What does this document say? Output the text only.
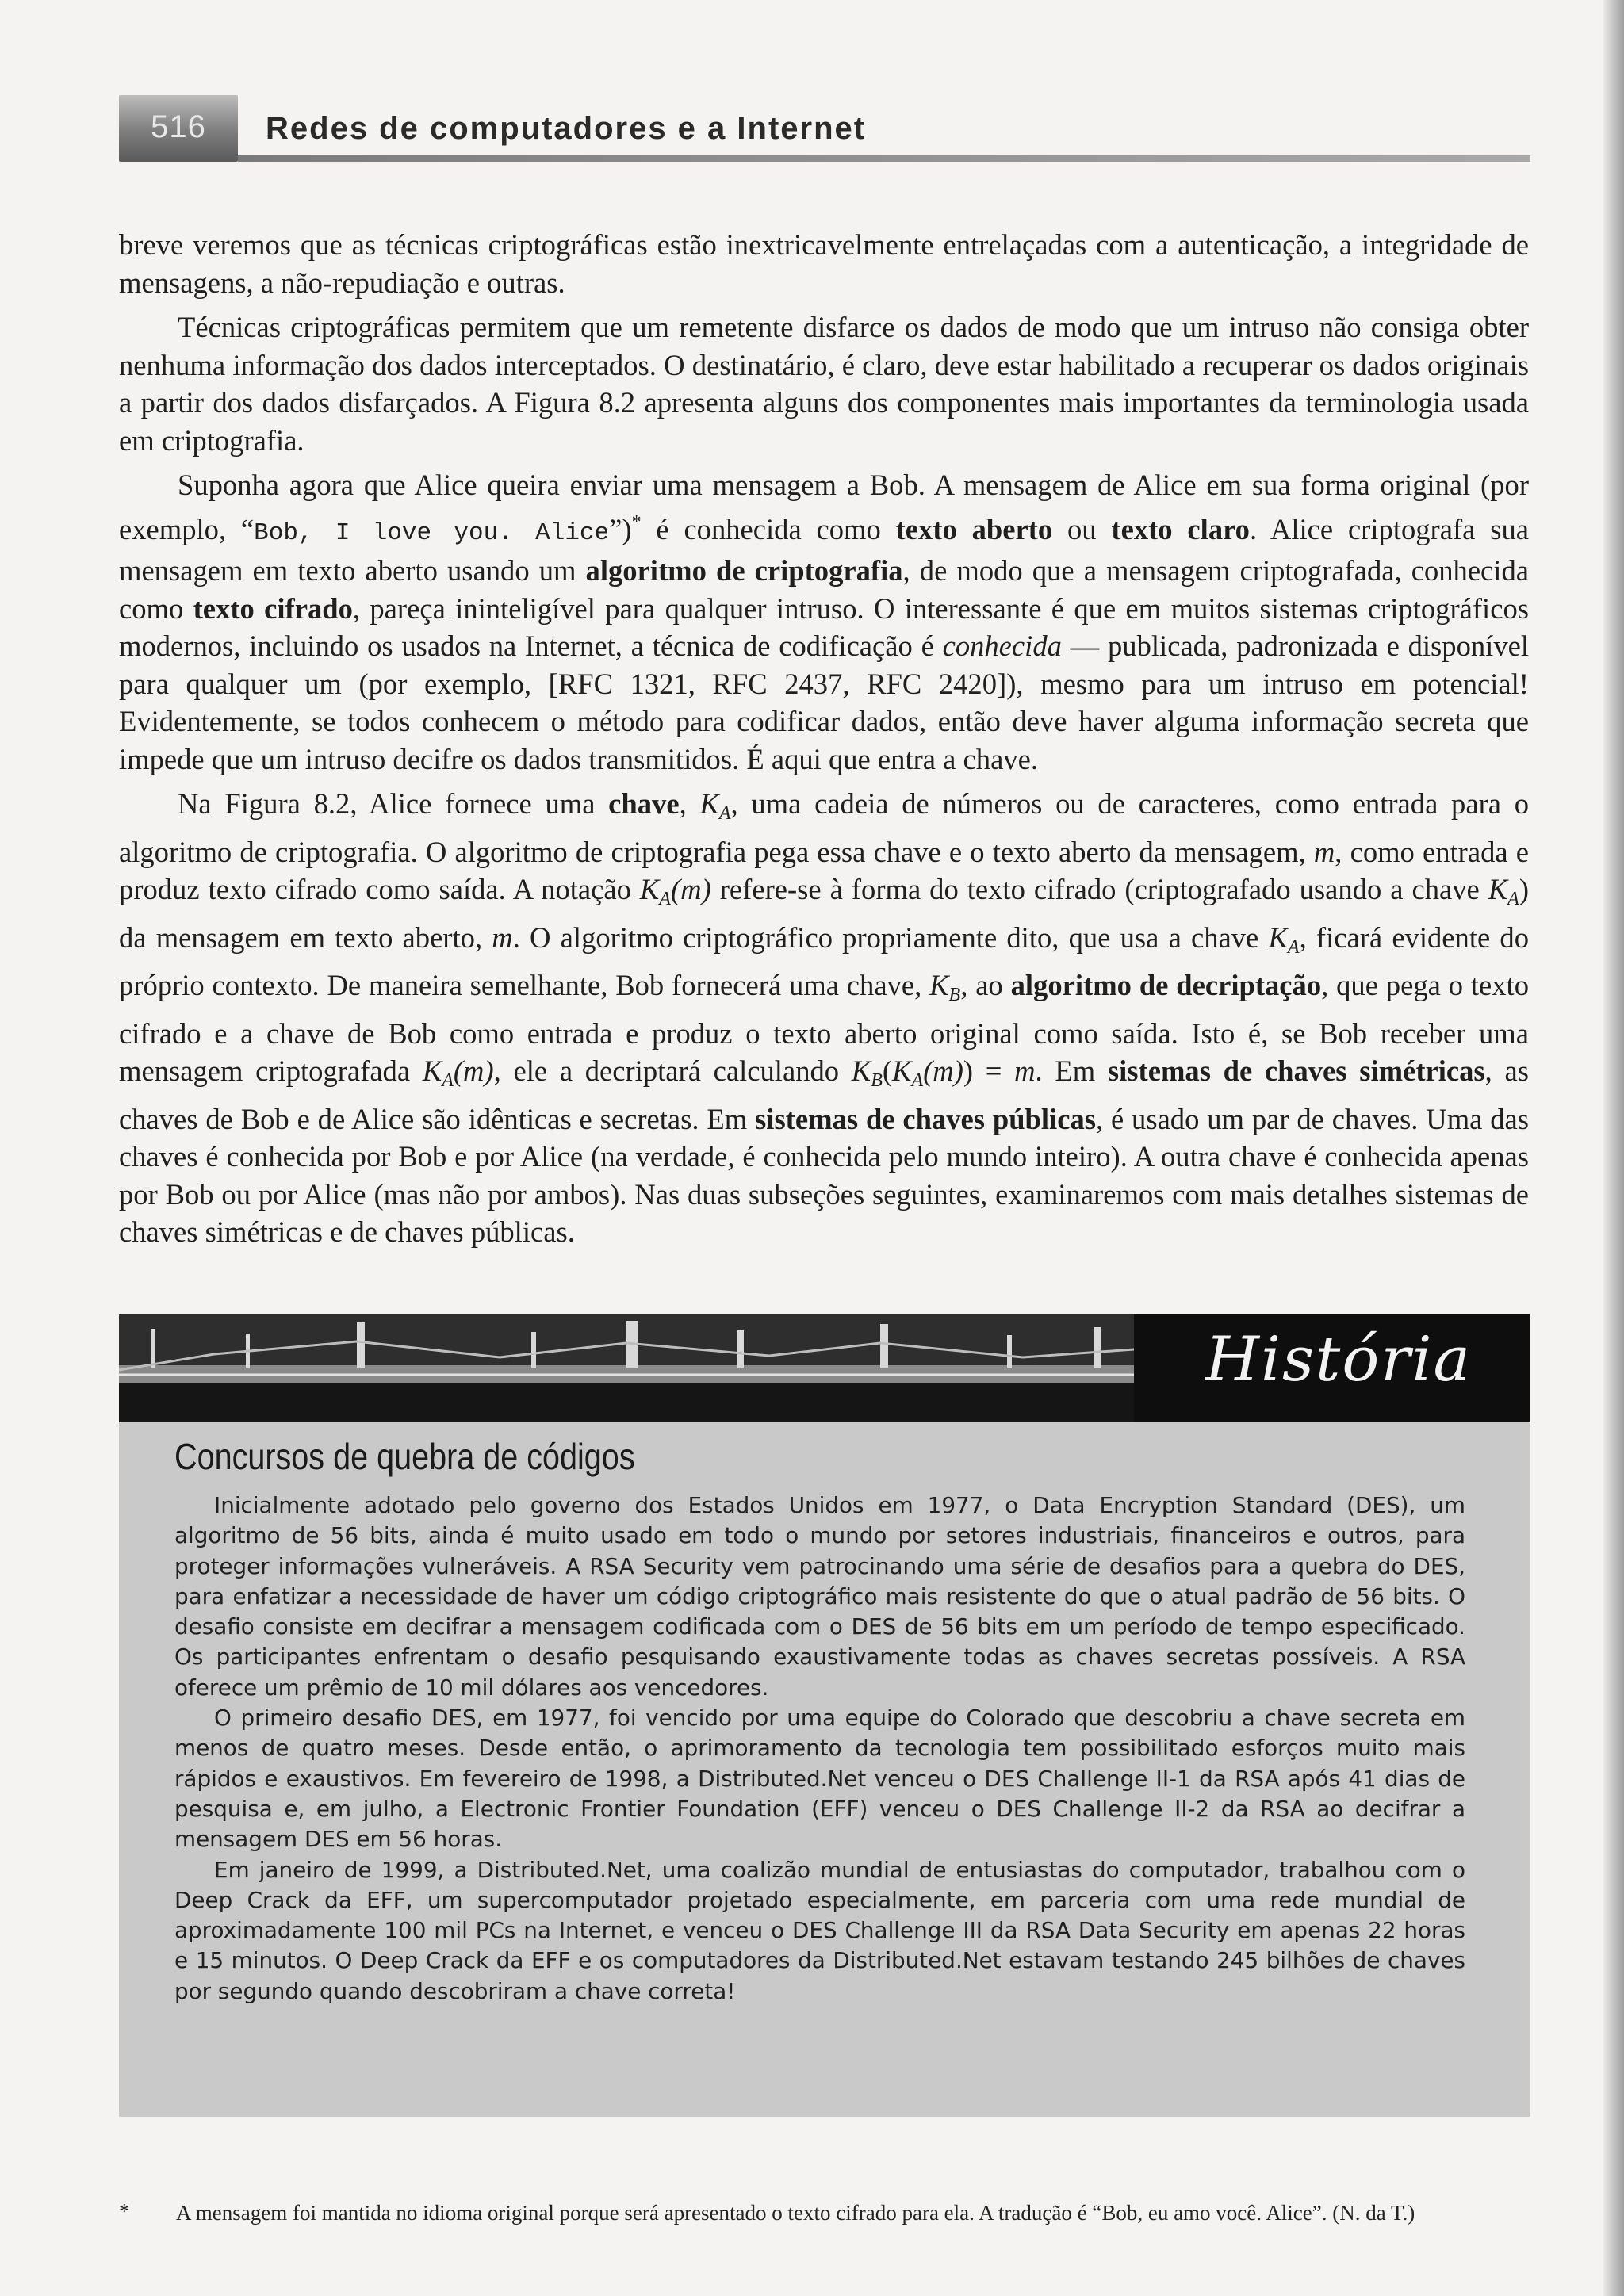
516	Redes de computadores e a Internet

breve veremos que as técnicas criptográficas estão inextricavelmente entrelaçadas com a autenticação, a integridade de mensagens, a não-repudiação e outras.

Técnicas criptográficas permitem que um remetente disfarce os dados de modo que um intruso não consiga obter nenhuma informação dos dados interceptados. O destinatário, é claro, deve estar habilitado a recuperar os dados originais a partir dos dados disfarçados. A Figura 8.2 apresenta alguns dos componentes mais importantes da terminologia usada em criptografia.

Suponha agora que Alice queira enviar uma mensagem a Bob. A mensagem de Alice em sua forma original (por exemplo, “Bob, I love you. Alice”)* é conhecida como texto aberto ou texto claro. Alice criptografa sua mensagem em texto aberto usando um algoritmo de criptografia, de modo que a mensagem criptografada, conhecida como texto cifrado, pareça ininteligível para qualquer intruso. O interessante é que em muitos sistemas criptográficos modernos, incluindo os usados na Internet, a técnica de codificação é conhecida — publicada, padronizada e disponível para qualquer um (por exemplo, [RFC 1321, RFC 2437, RFC 2420]), mesmo para um intruso em potencial! Evidentemente, se todos conhecem o método para codificar dados, então deve haver alguma informação secreta que impede que um intruso decifre os dados transmitidos. É aqui que entra a chave.

Na Figura 8.2, Alice fornece uma chave, $K_A$, uma cadeia de números ou de caracteres, como entrada para o algoritmo de criptografia. O algoritmo de criptografia pega essa chave e o texto aberto da mensagem, m, como entrada e produz texto cifrado como saída. A notação $K_A(m)$ refere-se à forma do texto cifrado (criptografado usando a chave $K_A$) da mensagem em texto aberto, m. O algoritmo criptográfico propriamente dito, que usa a chave $K_A$, ficará evidente do próprio contexto. De maneira semelhante, Bob fornecerá uma chave, $K_B$, ao algoritmo de decriptação, que pega o texto cifrado e a chave de Bob como entrada e produz o texto aberto original como saída. Isto é, se Bob receber uma mensagem criptografada $K_A(m)$, ele a decriptará calculando $K_B(K_A(m)) = m$. Em sistemas de chaves simétricas, as chaves de Bob e de Alice são idênticas e secretas. Em sistemas de chaves públicas, é usado um par de chaves. Uma das chaves é conhecida por Bob e por Alice (na verdade, é conhecida pelo mundo inteiro). A outra chave é conhecida apenas por Bob ou por Alice (mas não por ambos). Nas duas subseções seguintes, examinaremos com mais detalhes sistemas de chaves simétricas e de chaves públicas.

História
Concursos de quebra de códigos

Inicialmente adotado pelo governo dos Estados Unidos em 1977, o Data Encryption Standard (DES), um algoritmo de 56 bits, ainda é muito usado em todo o mundo por setores industriais, financeiros e outros, para proteger informações vulneráveis. A RSA Security vem patrocinando uma série de desafios para a quebra do DES, para enfatizar a necessidade de haver um código criptográfico mais resistente do que o atual padrão de 56 bits. O desafio consiste em decifrar a mensagem codificada com o DES de 56 bits em um período de tempo especificado. Os participantes enfrentam o desafio pesquisando exaustivamente todas as chaves secretas possíveis. A RSA oferece um prêmio de 10 mil dólares aos vencedores.

O primeiro desafio DES, em 1977, foi vencido por uma equipe do Colorado que descobriu a chave secreta em menos de quatro meses. Desde então, o aprimoramento da tecnologia tem possibilitado esforços muito mais rápidos e exaustivos. Em fevereiro de 1998, a Distributed.Net venceu o DES Challenge II-1 da RSA após 41 dias de pesquisa e, em julho, a Electronic Frontier Foundation (EFF) venceu o DES Challenge II-2 da RSA ao decifrar a mensagem DES em 56 horas.

Em janeiro de 1999, a Distributed.Net, uma coalizão mundial de entusiastas do computador, trabalhou com o Deep Crack da EFF, um supercomputador projetado especialmente, em parceria com uma rede mundial de aproximadamente 100 mil PCs na Internet, e venceu o DES Challenge III da RSA Data Security em apenas 22 horas e 15 minutos. O Deep Crack da EFF e os computadores da Distributed.Net estavam testando 245 bilhões de chaves por segundo quando descobriram a chave correta!

* A mensagem foi mantida no idioma original porque será apresentado o texto cifrado para ela. A tradução é “Bob, eu amo você. Alice”. (N. da T.)
